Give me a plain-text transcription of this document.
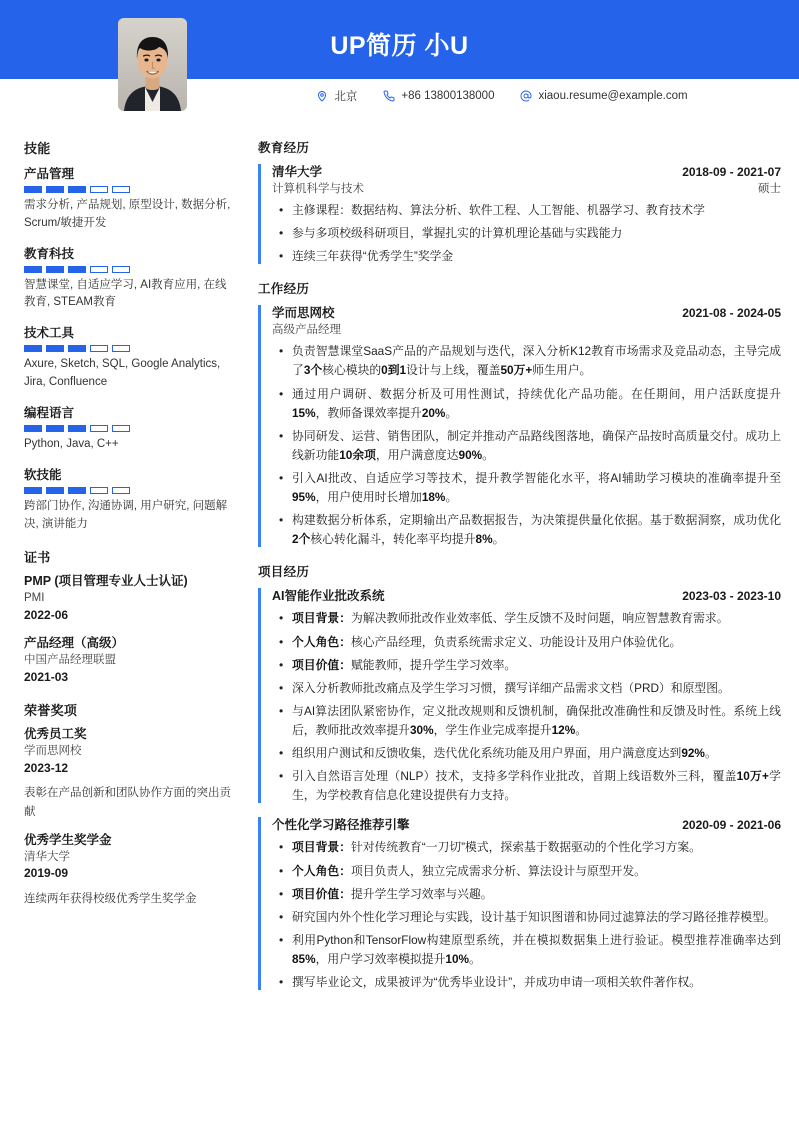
UP简历 小U
北京	+86 13800138000	xiaou.resume@example.com
技能
产品管理
需求分析, 产品规划, 原型设计, 数据分析, Scrum/敏捷开发
教育科技
智慧课堂, 自适应学习, AI教育应用, 在线教育, STEAM教育
技术工具
Axure, Sketch, SQL, Google Analytics, Jira, Confluence
编程语言
Python, Java, C++
软技能
跨部门协作, 沟通协调, 用户研究, 问题解决, 演讲能力
证书
PMP (项目管理专业人士认证)
PMI
2022-06
产品经理（高级）
中国产品经理联盟
2021-03
荣誉奖项
优秀员工奖
学而思网校
2023-12
表彰在产品创新和团队协作方面的突出贡献
优秀学生奖学金
清华大学
2019-09
连续两年获得校级优秀学生奖学金
教育经历
清华大学	2018-09 - 2021-07
计算机科学与技术	硕士
• 主修课程：数据结构、算法分析、软件工程、人工智能、机器学习、教育技术学
• 参与多项校级科研项目，掌握扎实的计算机理论基础与实践能力
• 连续三年获得“优秀学生”奖学金
工作经历
学而思网校	2021-08 - 2024-05
高级产品经理
• 负责智慧课堂SaaS产品的产品规划与迭代，深入分析K12教育市场需求及竞品动态，主导完成了3个核心模块的0到1设计与上线，覆盖50万+师生用户。
• 通过用户调研、数据分析及可用性测试，持续优化产品功能。在任期间，用户活跃度提升15%，教师备课效率提升20%。
• 协同研发、运营、销售团队，制定并推动产品路线图落地，确保产品按时高质量交付。成功上线新功能10余项，用户满意度达90%。
• 引入AI批改、自适应学习等技术，提升教学智能化水平，将AI辅助学习模块的准确率提升至95%，用户使用时长增加18%。
• 构建数据分析体系，定期输出产品数据报告，为决策提供量化依据。基于数据洞察，成功优化2个核心转化漏斗，转化率平均提升8%。
项目经历
AI智能作业批改系统	2023-03 - 2023-10
• 项目背景：为解决教师批改作业效率低、学生反馈不及时问题，响应智慧教育需求。
• 个人角色：核心产品经理，负责系统需求定义、功能设计及用户体验优化。
• 项目价值：赋能教师，提升学生学习效率。
• 深入分析教师批改痛点及学生学习习惯，撰写详细产品需求文档（PRD）和原型图。
• 与AI算法团队紧密协作，定义批改规则和反馈机制，确保批改准确性和反馈及时性。系统上线后，教师批改效率提升30%，学生作业完成率提升12%。
• 组织用户测试和反馈收集，迭代优化系统功能及用户界面，用户满意度达到92%。
• 引入自然语言处理（NLP）技术，支持多学科作业批改，首期上线语数外三科，覆盖10万+学生，为学校教育信息化建设提供有力支持。
个性化学习路径推荐引擎	2020-09 - 2021-06
• 项目背景：针对传统教育“一刀切”模式，探索基于数据驱动的个性化学习方案。
• 个人角色：项目负责人，独立完成需求分析、算法设计与原型开发。
• 项目价值：提升学生学习效率与兴趣。
• 研究国内外个性化学习理论与实践，设计基于知识图谱和协同过滤算法的学习路径推荐模型。
• 利用Python和TensorFlow构建原型系统，并在模拟数据集上进行验证。模型推荐准确率达到85%，用户学习效率模拟提升10%。
• 撰写毕业论文，成果被评为“优秀毕业设计”，并成功申请一项相关软件著作权。
